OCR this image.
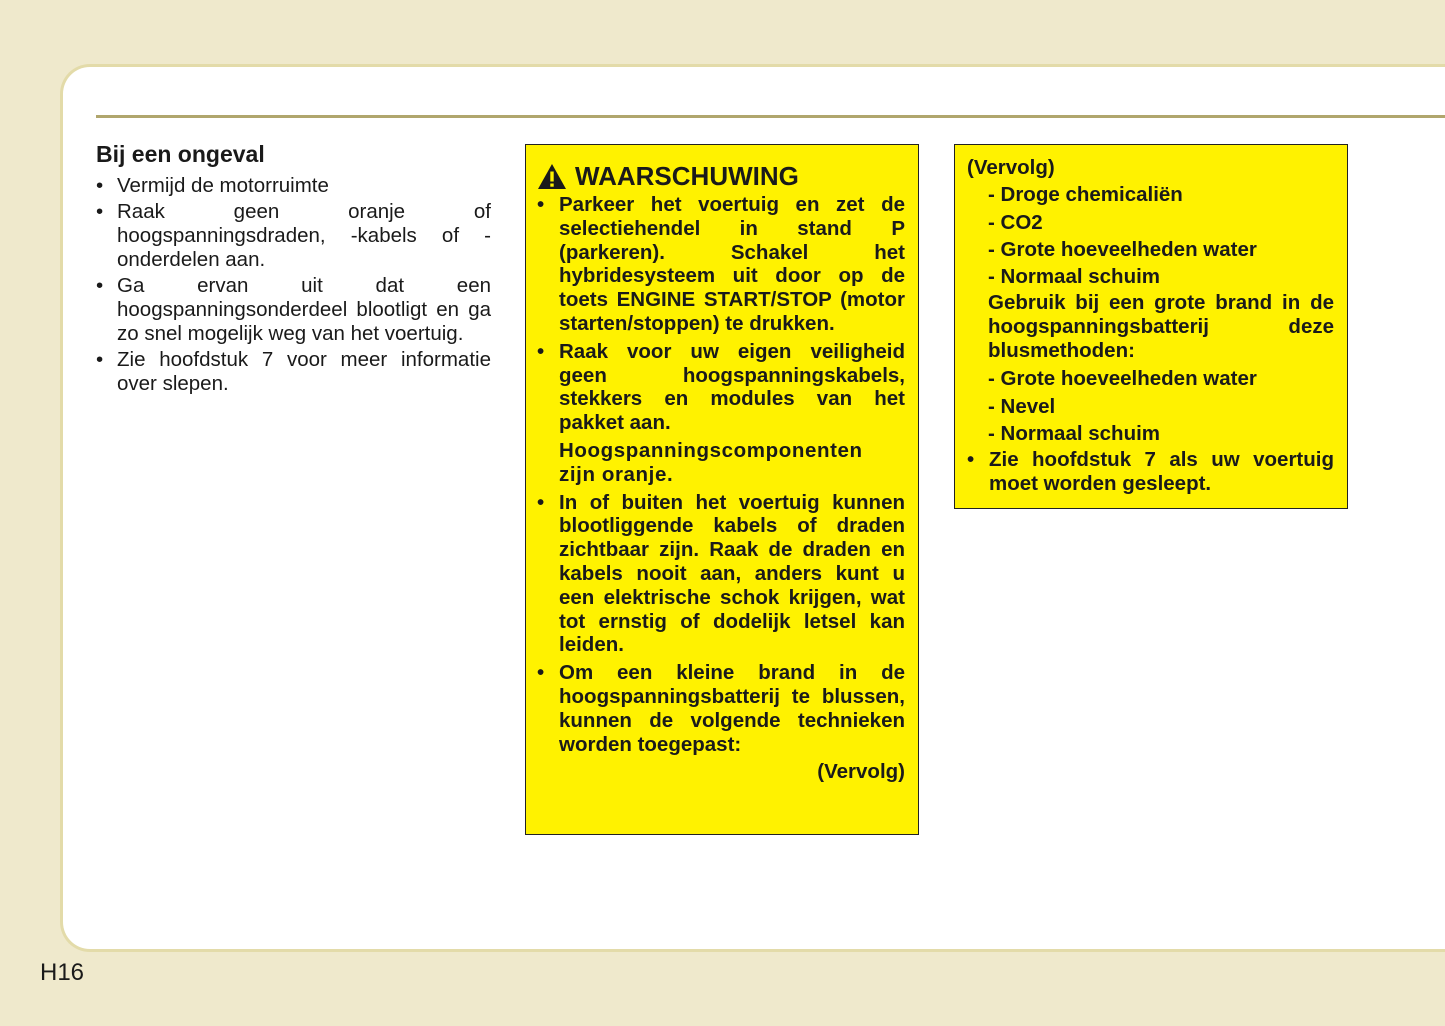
Bij een ongeval
• Vermijd de motorruimte
• Raak geen oranje of hoogspanningsdraden, -kabels of -onderdelen aan.
• Ga ervan uit dat een hoogspanningsonderdeel blootligt en ga zo snel mogelijk weg van het voertuig.
• Zie hoofdstuk 7 voor meer informatie over slepen.
WAARSCHUWING
• Parkeer het voertuig en zet de selectiehendel in stand P (parkeren). Schakel het hybridesysteem uit door op de toets ENGINE START/STOP (motor starten/stoppen) te drukken.
• Raak voor uw eigen veiligheid geen hoogspanningskabels, stekkers en modules van het pakket aan.
Hoogspanningscomponenten zijn oranje.
• In of buiten het voertuig kunnen blootliggende kabels of draden zichtbaar zijn. Raak de draden en kabels nooit aan, anders kunt u een elektrische schok krijgen, wat tot ernstig of dodelijk letsel kan leiden.
• Om een kleine brand in de hoogspanningsbatterij te blussen, kunnen de volgende technieken worden toegepast:
(Vervolg)
(Vervolg)
- Droge chemicaliën
- CO2
- Grote hoeveelheden water
- Normaal schuim
Gebruik bij een grote brand in de hoogspanningsbatterij deze blusmethoden:
- Grote hoeveelheden water
- Nevel
- Normaal schuim
• Zie hoofdstuk 7 als uw voertuig moet worden gesleept.
H16
